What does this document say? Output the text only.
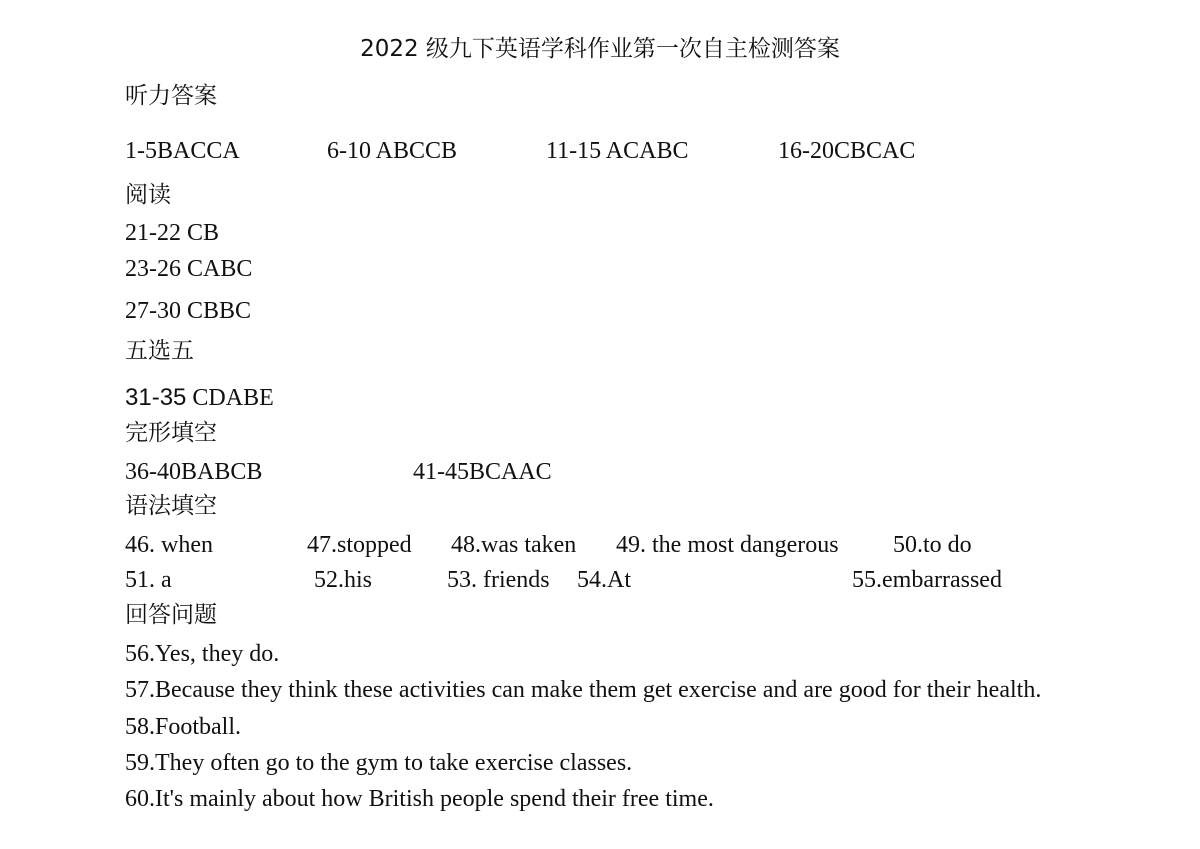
2022 级九下英语学科作业第一次自主检测答案
听力答案
1-5BACCA	6-10 ABCCB	11-15 ACABC	16-20CBCAC
阅读
21-22 CB
23-26 CABC
27-30 CBBC
五选五
31-35 CDABE
完形填空
36-40BABCB	41-45BCAAC
语法填空
46. when	47.stopped 48.was taken 49. the most dangerous 50.to do
51. a	52.his	53. friends 54.At	55.embarrassed
回答问题
56.Yes, they do.
57.Because they think these activities can make them get exercise and are good for their health.
58.Football.
59.They often go to the gym to take exercise classes.
60.It's mainly about how British people spend their free time.
